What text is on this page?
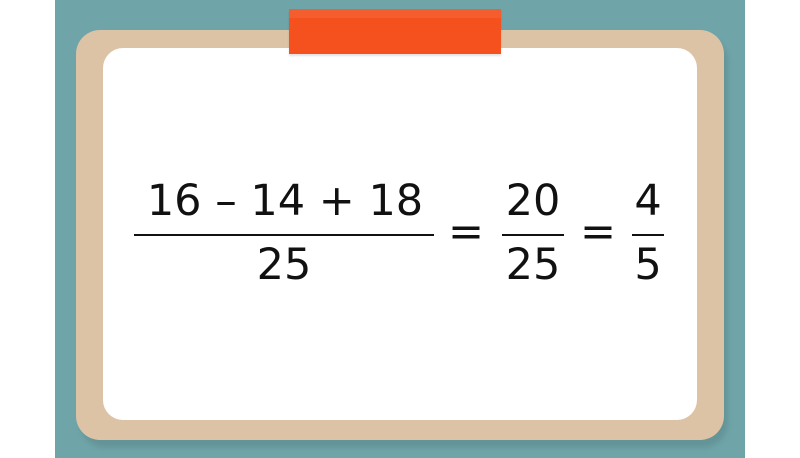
16 – 14 + 18
25
=
20
25
=
4
5
